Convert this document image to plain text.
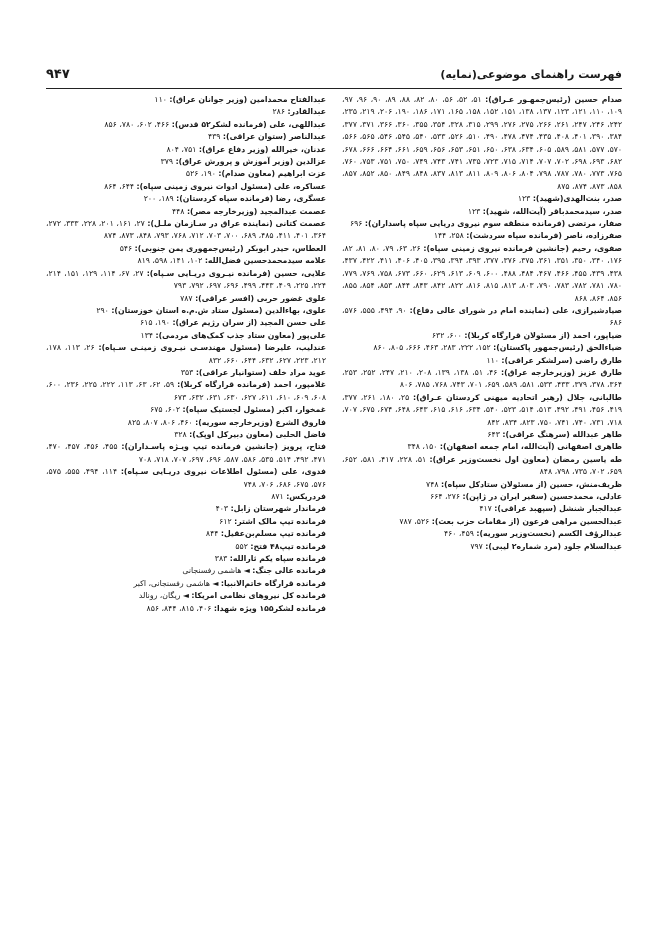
فهرست راهنمای موضوعی(نمایه)
۹۴۷

صدام حسین (رئیس‌جمهـور عـراق): ۵۱، ۵۲، ۵۶، ۸۰، ۸۲، ۸۸، ۸۹، ۹۰، ۹۶، ۹۷، ۱۰۹، ۱۱۰، ۱۲۱، ۱۲۳، ۱۳۷، ۱۳۸، ۱۵۱، ۱۵۲، ۱۵۸، ۱۶۵، ۱۷۱، ۱۸۶، ۱۹۰، ۲۰۶، ۲۱۹، ۲۳۵، ۲۴۲، ۲۴۶، ۲۴۷، ۲۶۱، ۲۶۶، ۲۷۵، ۲۷۶، ۲۹۹، ۳۱۵، ۳۲۸، ۳۵۴، ۳۵۵، ۳۶۰، ۳۶۶، ۳۷۱، ۳۷۷، ۳۸۴، ۳۹۰، ۴۰۱، ۴۰۸، ۴۳۵، ۴۷۴، ۴۷۸، ۴۹۰، ۵۱۰، ۵۲۶، ۵۳۳، ۵۴۰، ۵۴۵، ۵۴۶، ۵۶۵، ۵۶۶، ۵۷۰، ۵۷۷، ۵۸۱، ۵۸۹، ۶۰۵، ۶۳۴، ۶۳۸، ۶۵۰، ۶۵۱، ۶۵۳، ۶۵۶، ۶۵۹، ۶۶۱، ۶۶۴، ۶۶۶، ۶۷۸، ۶۸۲، ۶۹۳، ۶۹۸، ۷۰۲، ۷۰۷، ۷۱۴، ۷۱۵، ۷۲۳، ۷۳۵، ۷۴۱، ۷۴۳، ۷۴۹، ۷۵۰، ۷۵۱، ۷۵۳، ۷۶۰، ۷۶۵، ۷۷۳، ۷۸۰، ۷۸۷، ۷۹۸، ۸۰۴، ۸۰۶، ۸۰۹، ۸۱۱، ۸۱۳، ۸۳۷، ۸۴۸، ۸۴۹، ۸۵۰، ۸۵۲، ۸۵۷، ۸۵۸، ۸۷۳، ۸۷۴، ۸۷۵

صدر، بنت‌الهدی(شهید): ۱۲۳

صدر، سیدمحمدباقر (آیت‌الله، شهید): ۱۲۳

صفار، مرتضی (فرمانده منطقه سوم نیروی دریایی سپاه پاسداران): ۶۹۶

صفرزاده، ناصر (فرمانده سپاه سردشت): ۲۵۸، ۱۴۴

صفوی، رحیم (جانشین فرمانده نیروی زمینی سپاه): ۲۶، ۶۳، ۷۹، ۸۰، ۸۱، ۸۲، ۱۷۶، ۳۴۰، ۳۵۰، ۳۵۱، ۳۶۱، ۳۷۵، ۳۷۶، ۳۷۷، ۳۹۳، ۳۹۴، ۳۹۵، ۴۰۵، ۴۰۶، ۴۱۱، ۴۲۲، ۴۳۷، ۴۳۸، ۴۳۹، ۴۵۵، ۴۶۶، ۴۶۷، ۴۸۴، ۴۸۸، ۶۰۰، ۶۰۹، ۶۱۳، ۶۲۹، ۶۶۰، ۶۷۳، ۷۵۸، ۷۶۹، ۷۷۹، ۷۸۰، ۷۸۱، ۷۸۲، ۷۸۳، ۷۹۰، ۸۰۳، ۸۱۳، ۸۱۵، ۸۱۶، ۸۲۲، ۸۴۲، ۸۴۳، ۸۴۴، ۸۵۳، ۸۵۴، ۸۵۵، ۸۵۶، ۸۶۴، ۸۶۸

صیادشیرازی، علی (نماینده امام در شورای عالی دفاع): ۹۰، ۴۹۴، ۵۵۵، ۵۷۶، ۶۸۶

ضیاپور، احمد (از مسئولان قرارگاه کربلا): ۶۰۰، ۶۳۲

ضیاءالحق (رئیس‌جمهور پاکستان): ۱۵۲، ۲۲۲، ۲۸۳، ۴۶۳، ۶۶۶، ۸۰۵، ۸۶۰

طارق راضی (سرلشکر عراقی): ۱۱۰

طارق عزیز (وزیرخارجه عراق): ۴۶، ۵۱، ۱۳۸، ۱۳۹، ۲۰۸، ۲۱۰، ۲۴۷، ۲۵۲، ۲۵۳، ۳۶۴، ۳۷۸، ۳۷۹، ۴۳۳، ۵۳۳، ۵۸۱، ۵۸۹، ۶۵۹، ۷۰۱، ۷۴۳، ۷۶۸، ۷۸۵، ۸۰۶

طالبانی، جلال (رهبر اتحادیه میهنی کردستان عـراق): ۲۵، ۱۸۰، ۲۶۱، ۳۷۷، ۴۱۹، ۴۵۶، ۴۹۱، ۴۹۲، ۵۱۳، ۵۱۴، ۵۲۳، ۵۴۰، ۶۳۴، ۶۱۶، ۶۱۵، ۶۴۳، ۶۴۸، ۶۷۴، ۶۷۵، ۷۰۷، ۷۱۸، ۷۳۱، ۷۴۰، ۷۴۱، ۷۵۰، ۸۲۳، ۸۳۴، ۸۴۲

طاهر عبدالله (سرهنگ عراقی): ۶۴۳

طاهری اصفهانی (آیت‌الله، امام جمعه اصفهان): ۱۵۰، ۳۴۸

طه یاسین رمضان (معاون اول نخست‌وزیر عراق): ۵۱، ۲۲۸، ۴۱۷، ۵۸۱، ۶۵۲، ۶۵۹، ۷۰۲، ۷۳۵، ۷۹۸، ۸۴۸

ظریف‌منش، حسین (از مسئولان ستادکل سپاه): ۷۴۸

عادلی، محمدحسین (سفیر ایران در ژاپن): ۲۷۶، ۶۶۴

عبدالجبار شنشل (سپهبد عراقی): ۴۱۷

عبدالحسین مراهی فرعون (از مقامات حزب بعث): ۵۲۶، ۷۸۷

عبدالرؤف الکسم (نخست‌وزیر سوریه): ۴۵۹، ۴۶۰

عبدالسلام جلود (مرد شماره۲ لیبی): ۷۹۷

عبدالفتاح محمدامین (وزیر جوانان عراق): ۱۱۰

عبدالقادر: ۲۸۶

عبداللهی، علی (فرمانده لشکر۵۲ قدس): ۴۶۶، ۶۰۲، ۷۸۰، ۸۵۶

عبدالناصر (ستوان عراقی): ۴۳۹

عدنان، خیرالله (وزیر دفاع عراق): ۷۵۱، ۸۰۴

عزالدین (وزیر آموزش و پرورش عراق): ۳۷۹

عزت ابراهیم (معاون صدام): ۱۹۰، ۵۲۶

عساکره، علی (مسئول ادوات نیروی زمینی سپاه): ۶۴۴، ۸۶۴

عسگری، رضا (فرمانده سپاه کردستان): ۱۸۹، ۲۰۰

عصمت عبدالمجید (وزیرخارجه مصر): ۴۴۸

عصمت کتانی (نماینده عراق در سـازمان ملـل): ۲۷، ۱۶۱، ۲۰۱، ۲۲۸، ۳۳۳، ۲۷۲، ۳۶۴، ۴۰۱، ۴۱۱، ۴۸۵، ۶۸۹، ۷۰۰، ۷۰۳، ۷۱۲، ۷۶۸، ۷۹۳، ۸۴۸، ۸۷۳، ۸۷۴

العطاس، حیدر ابوبکر (رئیس‌جمهوری یمن جنوبی): ۵۴۶

علامه سیدمحمدحسین فضل‌الله: ۱۰۲، ۱۴۱، ۵۹۸، ۸۱۹

علایی، حسین (فرمانده نیـروی دریـایی سـپاه): ۲۷، ۶۷، ۱۱۴، ۱۲۹، ۱۵۱، ۲۱۴، ۲۲۴، ۲۲۵، ۴۰۹، ۴۴۳، ۴۹۹، ۶۹۶، ۶۹۷، ۷۹۲، ۷۹۳

علوی غضور حربی (افسر عراقی): ۷۸۷

علوی، بهاءالدین (مسئول ستاد ش.م.ه استان خوزستان): ۲۹۰

علی حسن المجید (از سران رژیم عراق): ۱۹۰، ۶۱۵

علی‌پور (معاون ستاد جذب کمک‌های مردمی): ۱۳۴

عندلیب، علیرضا (مسئول مهندسـی نیـروی زمینـی سـپاه): ۲۶، ۱۱۳، ۱۷۸، ۲۱۲، ۲۲۳، ۶۲۷، ۶۳۲، ۶۴۴، ۶۶۰، ۸۳۲

عوید مراد خلف (ستوانیار عراقی): ۳۵۳

غلامپور، احمد (فرمانده قرارگاه کربلا): ۵۹، ۶۲، ۶۳، ۱۱۳، ۲۲۲، ۲۲۵، ۲۳۶، ۶۰۰، ۶۰۸، ۶۰۹، ۶۱۰، ۶۱۱، ۶۲۷، ۶۳۰، ۶۳۱، ۶۳۲، ۶۷۳

غمخوار، اکبر (مسئول لجستیک سپاه): ۶۰۲، ۶۷۵

فاروق الشرع (وزیرخارجه سوریه): ۴۶۰، ۸۰۶، ۸۰۷، ۸۲۵

فاضل الحلبی (معاون دبیرکل اوپک): ۳۲۸

فتاح، پرویز (جانشین فرمانده تیپ ویـژه پاسـداران): ۴۵۵، ۴۵۶، ۴۵۷، ۴۷۰، ۴۷۱، ۴۹۲، ۵۱۴، ۵۳۵، ۵۸۶، ۵۸۷، ۶۹۶، ۶۹۷، ۷۰۷، ۷۱۸، ۷۰۸

فدوی، علی (مسئول اطلاعات نیروی دریـایی سـپاه): ۱۱۴، ۴۹۴، ۵۵۵، ۵۷۵، ۵۷۶، ۶۷۵، ۶۸۶، ۷۰۶، ۷۴۸

فردریکس: ۸۷۱

فرماندار شهرستان زابل: ۴۰۳

فرمانده تیپ مالک اشتر: ۶۱۲

فرمانده تیپ مسلم‌بن‌عقیل: ۸۴۴

فرمانده تیپ۴۸ فتح: ۵۵۲

فرمانده سپاه یکم ثارالله: ۳۸۳

فرمانده عالی جنگ: ◄ هاشمی رفسنجانی

فرمانده قرارگاه خاتم‌الانبیا: ◄ هاشمی رفسنجانی، اکبر

فرمانده کل نیروهای نظامی امریکا: ◄ ریگان، رونالد

فرمانده لشکر۱۵۵ ویژه شهدا: ۴۰۶، ۸۱۵، ۸۴۴، ۸۵۶
